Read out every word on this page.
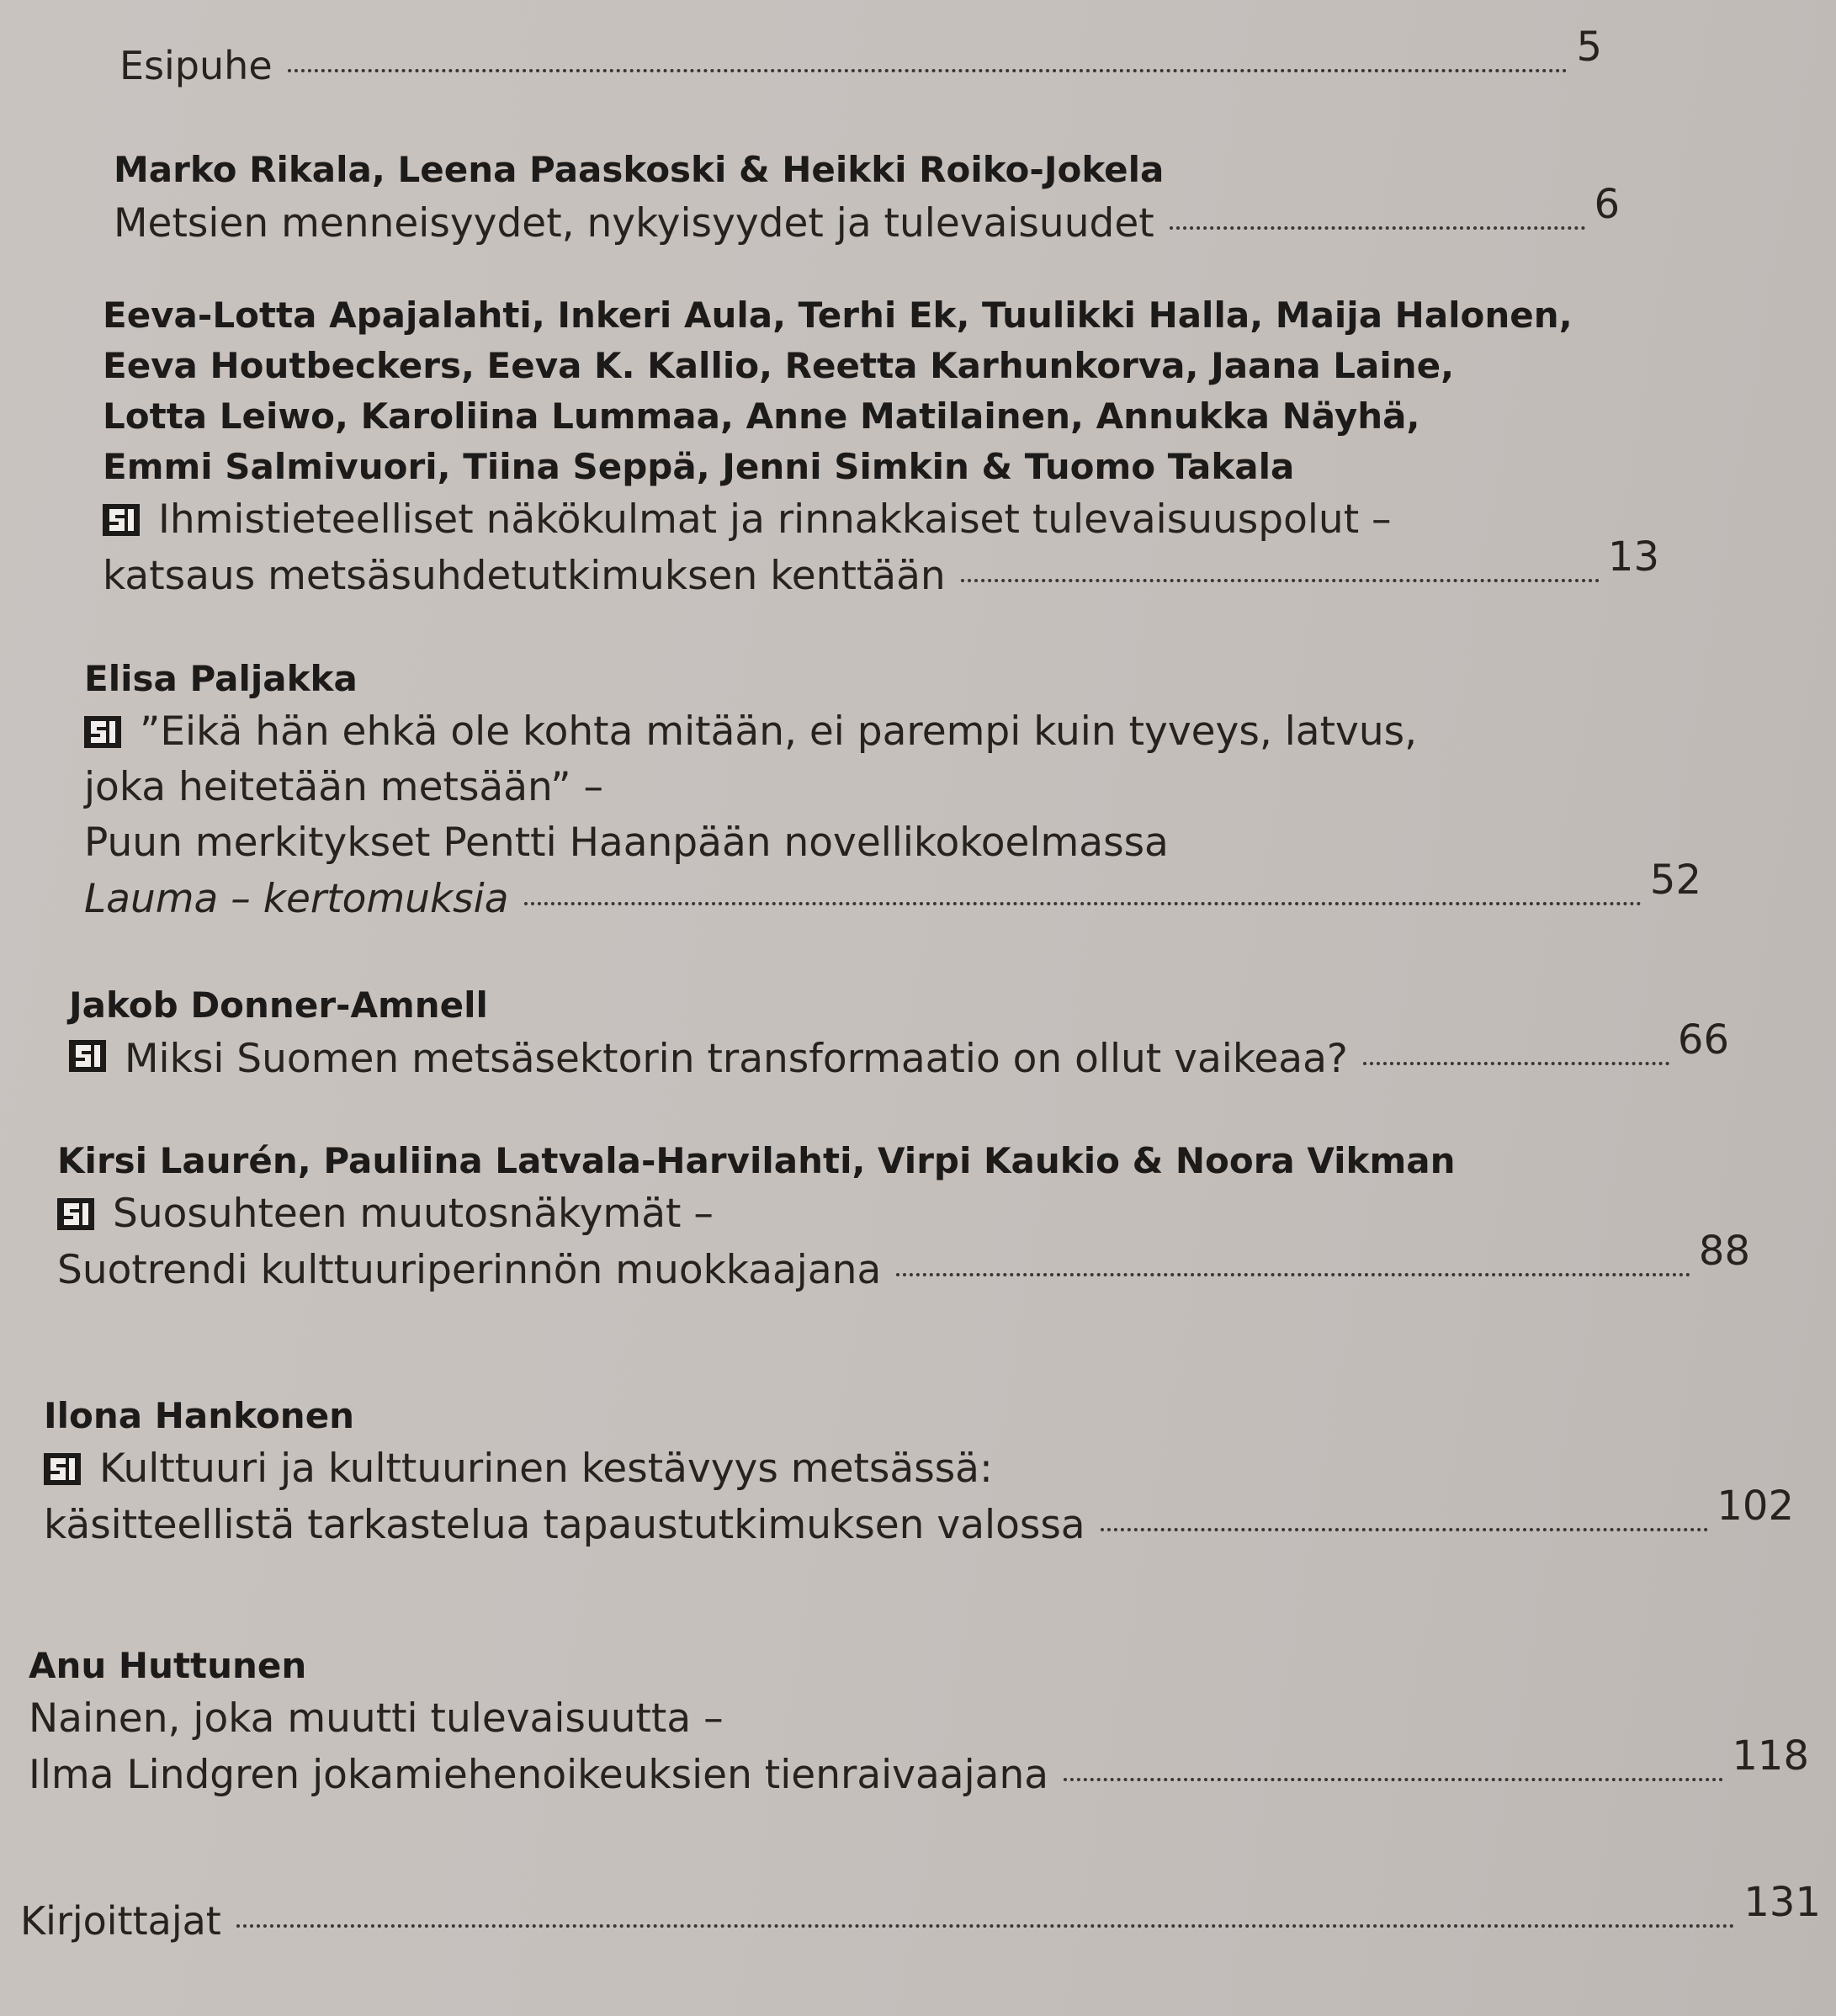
Esipuhe	5
Marko Rikala, Leena Paaskoski & Heikki Roiko-Jokela
Metsien menneisyydet, nykyisyydet ja tulevaisuudet	6
Eeva-Lotta Apajalahti, Inkeri Aula, Terhi Ek, Tuulikki Halla, Maija Halonen,
Eeva Houtbeckers, Eeva K. Kallio, Reetta Karhunkorva, Jaana Laine,
Lotta Leiwo, Karoliina Lummaa, Anne Matilainen, Annukka Näyhä,
Emmi Salmivuori, Tiina Seppä, Jenni Simkin & Tuomo Takala
Ihmistieteelliset näkökulmat ja rinnakkaiset tulevaisuuspolut –
katsaus metsäsuhdetutkimuksen kenttään	13
Elisa Paljakka
”Eikä hän ehkä ole kohta mitään, ei parempi kuin tyveys, latvus,
joka heitetään metsään” –
Puun merkitykset Pentti Haanpään novellikokoelmassa
Lauma – kertomuksia	52
Jakob Donner-Amnell
Miksi Suomen metsäsektorin transformaatio on ollut vaikeaa?	66
Kirsi Laurén, Pauliina Latvala-Harvilahti, Virpi Kaukio & Noora Vikman
Suosuhteen muutosnäkymät –
Suotrendi kulttuuriperinnön muokkaajana	88
Ilona Hankonen
Kulttuuri ja kulttuurinen kestävyys metsässä:
käsitteellistä tarkastelua tapaustutkimuksen valossa	102
Anu Huttunen
Nainen, joka muutti tulevaisuutta –
Ilma Lindgren jokamiehenoikeuksien tienraivaajana	118
Kirjoittajat	131
